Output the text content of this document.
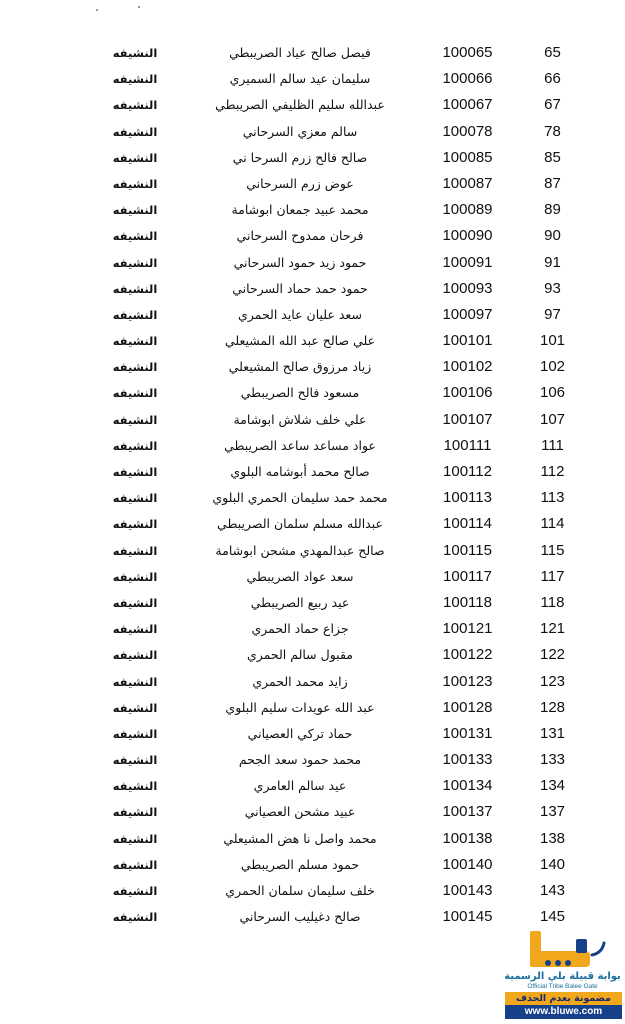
النشيفه	فيصل صالح عياد الصريبطي	100065	65
النشيفه	سليمان عيد سالم السميري	100066	66
النشيفه	عبدالله سليم الظليفي الصريبطي	100067	67
النشيفه	سالم معزي السرحاني	100078	78
النشيفه	صالح فالح زرم السرحا ني	100085	85
النشيفه	عوض زرم السرحاني	100087	87
النشيفه	محمد عبيد جمعان ابوشامة	100089	89
النشيفه	فرحان ممدوح السرحاني	100090	90
النشيفه	حمود زيد حمود السرحاني	100091	91
النشيفه	حمود حمد حماد السرحاني	100093	93
النشيفه	سعد عليان عايد الحمري	100097	97
النشيفه	علي صالح عبد الله المشيعلي	100101	101
النشيفه	زياد مرزوق صالح المشيعلي	100102	102
النشيفه	مسعود فالح الصريبطي	100106	106
النشيفه	علي خلف شلاش ابوشامة	100107	107
النشيفه	عواد مساعد ساعد الصريبطي	100111	111
النشيفه	صالح محمد أبوشامه البلوي	100112	112
النشيفه	محمد حمد سليمان الحمري البلوي	100113	113
النشيفه	عبدالله مسلم سلمان الصريبطي	100114	114
النشيفه	صالح عبدالمهدي مشحن ابوشامة	100115	115
النشيفه	سعد عواد الصريبطي	100117	117
النشيفه	عيد ربيع الصريبطي	100118	118
النشيفه	جزاع حماد الحمري	100121	121
النشيفه	مقبول سالم الحمري	100122	122
النشيفه	زايد محمد الحمري	100123	123
النشيفه	عبد الله عويدات سليم البلوي	100128	128
النشيفه	حماد تركي العصياني	100131	131
النشيفه	محمد حمود سعد الجحم	100133	133
النشيفه	عيد سالم العامري	100134	134
النشيفه	عبيد مشحن العصياني	100137	137
النشيفه	محمد واصل نا هض المشيعلي	100138	138
النشيفه	حمود مسلم الصريبطي	100140	140
النشيفه	خلف سليمان سلمان الحمري	100143	143
النشيفه	صالح دغيليب السرحاني	100145	145
بوابة قبيلة بلي الرسمية
Official Tribe Balee Gate
مضمونة بعدم الحذف
www.bluwe.com
